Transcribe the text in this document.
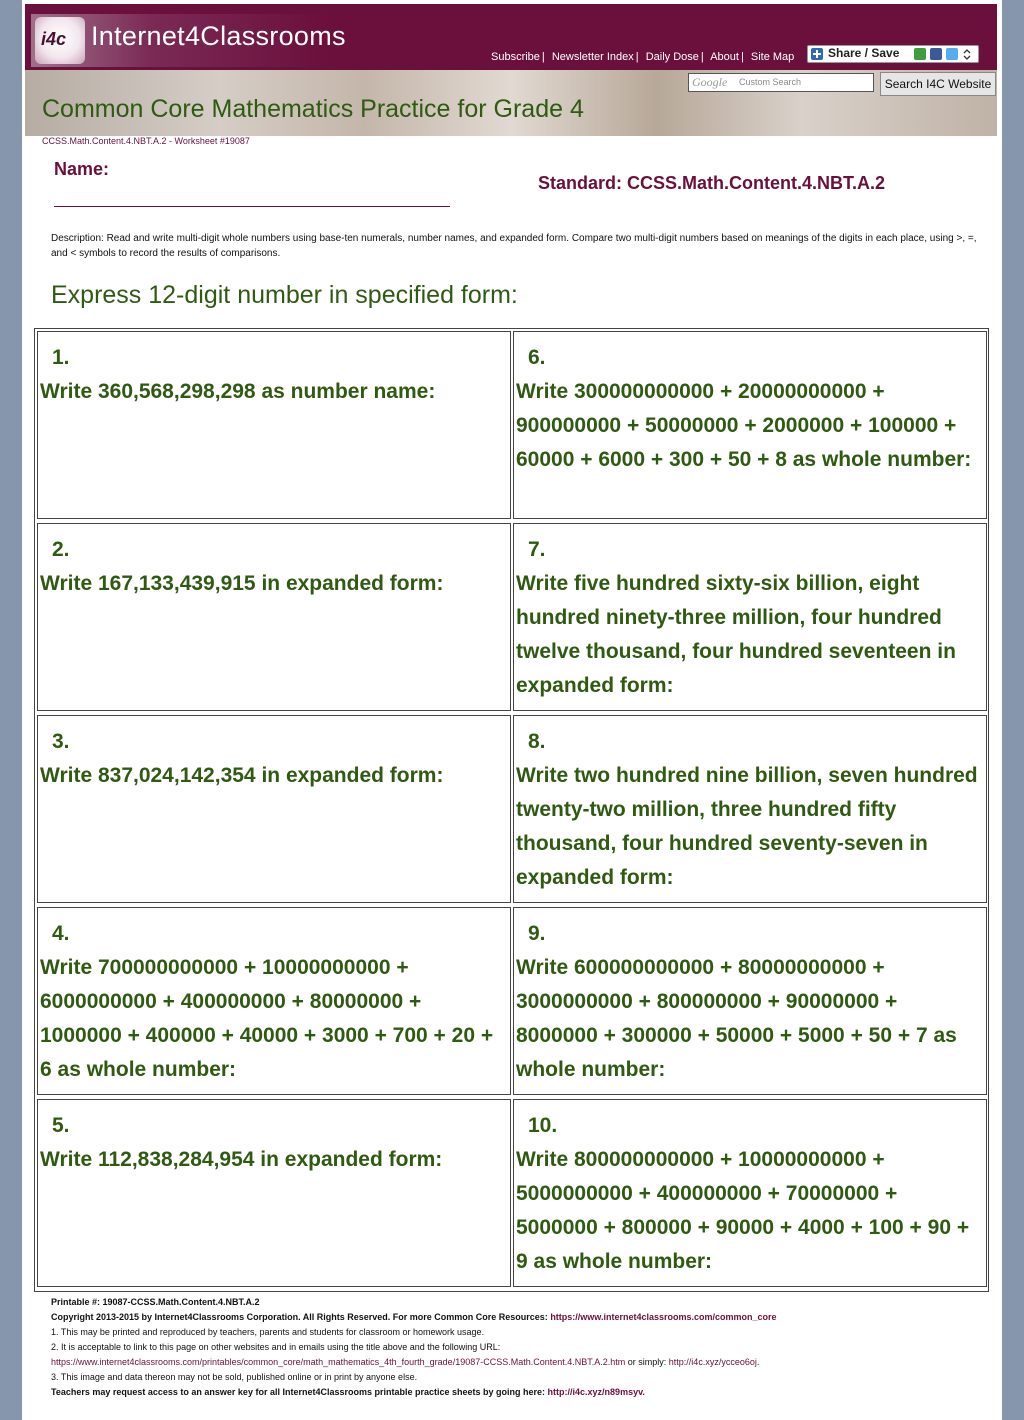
i4c Internet4Classrooms
Subscribe | Newsletter Index | Daily Dose | About | Site Map	Share / Save
Google Custom Search	Search I4C Website
Common Core Mathematics Practice for Grade 4
CCSS.Math.Content.4.NBT.A.2 - Worksheet #19087
Name:
Standard: CCSS.Math.Content.4.NBT.A.2
Description: Read and write multi-digit whole numbers using base-ten numerals, number names, and expanded form. Compare two multi-digit numbers based on meanings of the digits in each place, using >, =, and < symbols to record the results of comparisons.
Express 12-digit number in specified form:
1.
Write 360,568,298,298 as number name:
6.
Write 300000000000 + 20000000000 + 900000000 + 50000000 + 2000000 + 100000 + 60000 + 6000 + 300 + 50 + 8 as whole number:
2.
Write 167,133,439,915 in expanded form:
7.
Write five hundred sixty-six billion, eight hundred ninety-three million, four hundred twelve thousand, four hundred seventeen in expanded form:
3.
Write 837,024,142,354 in expanded form:
8.
Write two hundred nine billion, seven hundred twenty-two million, three hundred fifty thousand, four hundred seventy-seven in expanded form:
4.
Write 700000000000 + 10000000000 + 6000000000 + 400000000 + 80000000 + 1000000 + 400000 + 40000 + 3000 + 700 + 20 + 6 as whole number:
9.
Write 600000000000 + 80000000000 + 3000000000 + 800000000 + 90000000 + 8000000 + 300000 + 50000 + 5000 + 50 + 7 as whole number:
5.
Write 112,838,284,954 in expanded form:
10.
Write 800000000000 + 10000000000 + 5000000000 + 400000000 + 70000000 + 5000000 + 800000 + 90000 + 4000 + 100 + 90 + 9 as whole number:
Printable #: 19087-CCSS.Math.Content.4.NBT.A.2
Copyright 2013-2015 by Internet4Classrooms Corporation. All Rights Reserved. For more Common Core Resources: https://www.internet4classrooms.com/common_core
1. This may be printed and reproduced by teachers, parents and students for classroom or homework usage.
2. It is acceptable to link to this page on other websites and in emails using the title above and the following URL:
https://www.internet4classrooms.com/printables/common_core/math_mathematics_4th_fourth_grade/19087-CCSS.Math.Content.4.NBT.A.2.htm or simply: http://i4c.xyz/ycceo6oj.
3. This image and data thereon may not be sold, published online or in print by anyone else.
Teachers may request access to an answer key for all Internet4Classrooms printable practice sheets by going here: http://i4c.xyz/n89msyv.
